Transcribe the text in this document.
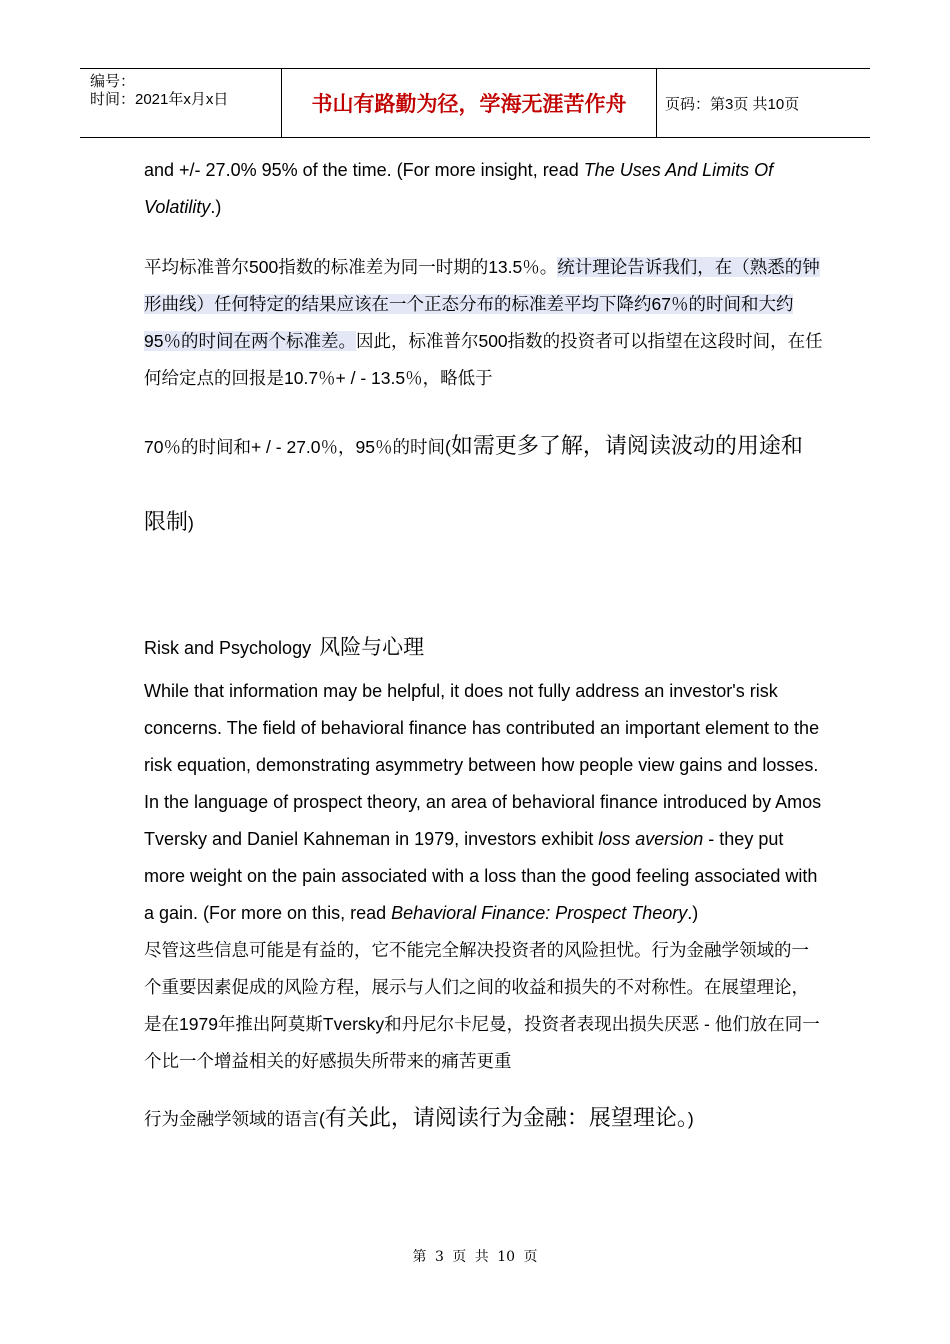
编号：
时间：2021年x月x日	书山有路勤为径，学海无涯苦作舟	页码：第3页 共10页

and +/- 27.0% 95% of the time. (For more insight, read The Uses And Limits Of Volatility.)

平均标准普尔500指数的标准差为同一时期的13.5％。统计理论告诉我们，在（熟悉的钟形曲线）任何特定的结果应该在一个正态分布的标准差平均下降约67％的时间和大约95％的时间在两个标准差。因此，标准普尔500指数的投资者可以指望在这段时间，在任何给定点的回报是10.7％+ / - 13.5％，略低于

70％的时间和+ / - 27.0％，95％的时间(如需更多了解，请阅读波动的用途和限制)

Risk and Psychology 风险与心理

While that information may be helpful, it does not fully address an investor's risk concerns. The field of behavioral finance has contributed an important element to the risk equation, demonstrating asymmetry between how people view gains and losses. In the language of prospect theory, an area of behavioral finance introduced by Amos Tversky and Daniel Kahneman in 1979, investors exhibit loss aversion - they put more weight on the pain associated with a loss than the good feeling associated with a gain. (For more on this, read Behavioral Finance: Prospect Theory.)

尽管这些信息可能是有益的，它不能完全解决投资者的风险担忧。行为金融学领域的一个重要因素促成的风险方程，展示与人们之间的收益和损失的不对称性。在展望理论，是在1979年推出阿莫斯Tversky和丹尼尔卡尼曼，投资者表现出损失厌恶 - 他们放在同一个比一个增益相关的好感损失所带来的痛苦更重

行为金融学领域的语言(有关此，请阅读行为金融：展望理论。)

第 3 页 共 10 页
